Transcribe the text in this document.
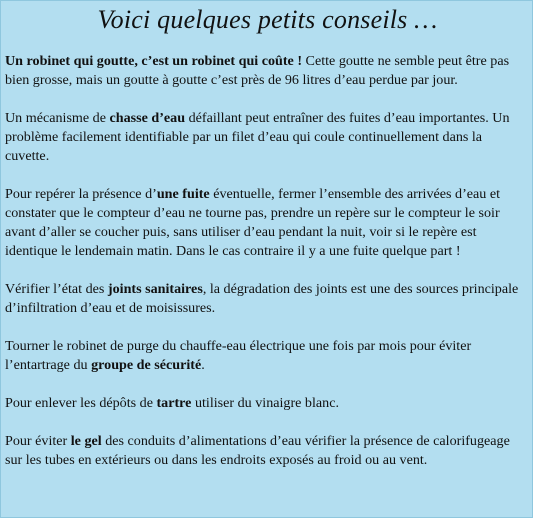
Voici quelques petits conseils …

Un robinet qui goutte, c’est un robinet qui coûte ! Cette goutte ne semble peut être pas bien grosse, mais un goutte à goutte c’est près de 96 litres d’eau perdue par jour.

Un mécanisme de chasse d’eau défaillant peut entraîner des fuites d’eau importantes. Un problème facilement identifiable par un filet d’eau qui coule continuellement dans la cuvette.

Pour repérer la présence d’une fuite éventuelle, fermer l’ensemble des arrivées d’eau et constater que le compteur d’eau ne tourne pas, prendre un repère sur le compteur le soir avant d’aller se coucher puis, sans utiliser d’eau pendant la nuit, voir si le repère est identique le lendemain matin. Dans le cas contraire il y a une fuite quelque part !

Vérifier l’état des joints sanitaires, la dégradation des joints est une des sources principale d’infiltration d’eau et de moisissures.

Tourner le robinet de purge du chauffe-eau électrique une fois par mois pour éviter l’entartrage du groupe de sécurité.

Pour enlever les dépôts de tartre utiliser du vinaigre blanc.

Pour éviter le gel des conduits d’alimentations d’eau vérifier la présence de calorifugeage sur les tubes en extérieurs ou dans les endroits exposés au froid ou au vent.
